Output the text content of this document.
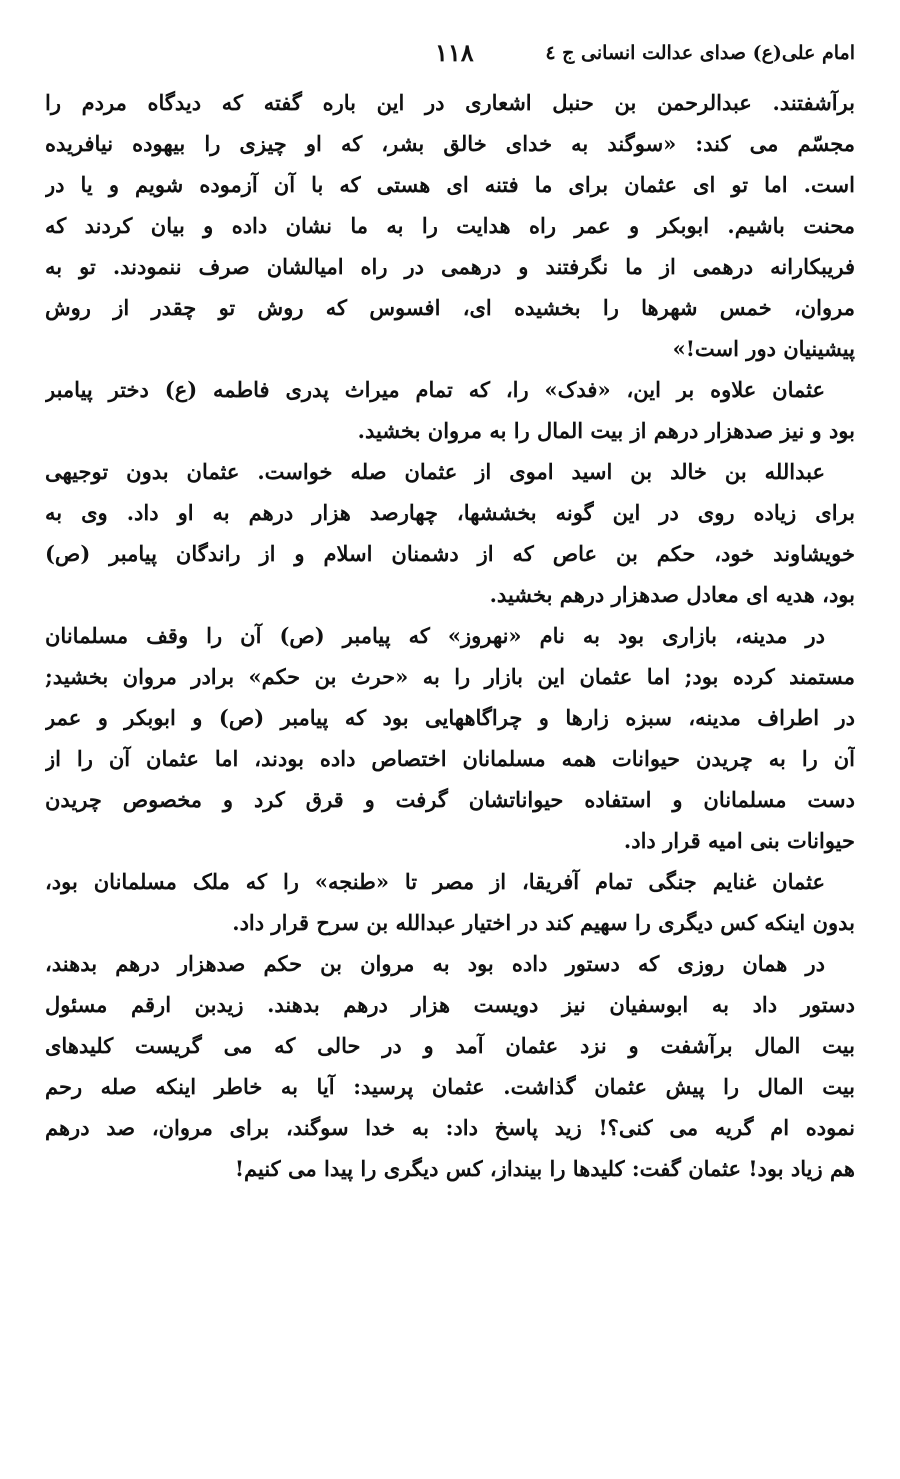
امام علی(ع) صدای عدالت انسانی ج ٤
۱۱۸
برآشفتند. عبدالرحمن بن حنبل اشعاری در این باره گفته که دیدگاه مردم را
مجسّم می کند: «سوگند به خدای خالق بشر، که او چیزی را بیهوده نیافریده
است. اما تو ای عثمان برای ما فتنه ای هستی که با آن آزموده شویم و یا در
محنت باشیم. ابوبکر و عمر راه هدایت را به ما نشان داده و بیان کردند که
فریبکارانه درهمی از ما نگرفتند و درهمی در راه امیالشان صرف ننمودند. تو به
مروان، خمس شهرها را بخشیده ای، افسوس که روش تو چقدر از روش
پیشینیان دور است!»
عثمان علاوه بر این، «فدک» را، که تمام میراث پدری فاطمه (ع) دختر پیامبر
بود و نیز صدهزار درهم از بیت المال را به مروان بخشید.
عبدالله بن خالد بن اسید اموی از عثمان صله خواست. عثمان بدون توجیهی
برای زیاده روی در این گونه بخششها، چهارصد هزار درهم به او داد. وی به
خویشاوند خود، حکم بن عاص که از دشمنان اسلام و از راندگان پیامبر (ص)
بود، هدیه ای معادل صدهزار درهم بخشید.
در مدینه، بازاری بود به نام «نهروز» که پیامبر (ص) آن را وقف مسلمانان
مستمند کرده بود; اما عثمان این بازار را به «حرث بن حکم» برادر مروان بخشید;
در اطراف مدینه، سبزه زارها و چراگاههایی بود که پیامبر (ص) و ابوبکر و عمر
آن را به چریدن حیوانات همه مسلمانان اختصاص داده بودند، اما عثمان آن را از
دست مسلمانان و استفاده حیواناتشان گرفت و قرق کرد و مخصوص چریدن
حیوانات بنی امیه قرار داد.
عثمان غنایم جنگی تمام آفریقا، از مصر تا «طنجه» را که ملک مسلمانان بود،
بدون اینکه کس دیگری را سهیم کند در اختیار عبدالله بن سرح قرار داد.
در همان روزی که دستور داده بود به مروان بن حکم صدهزار درهم بدهند،
دستور داد به ابوسفیان نیز دویست هزار درهم بدهند. زیدبن ارقم مسئول
بیت المال برآشفت و نزد عثمان آمد و در حالی که می گریست کلیدهای
بیت المال را پیش عثمان گذاشت. عثمان پرسید: آیا به خاطر اینکه صله رحم
نموده ام گریه می کنی؟! زید پاسخ داد: به خدا سوگند، برای مروان، صد درهم
هم زیاد بود! عثمان گفت: کلیدها را بینداز، کس دیگری را پیدا می کنیم!
